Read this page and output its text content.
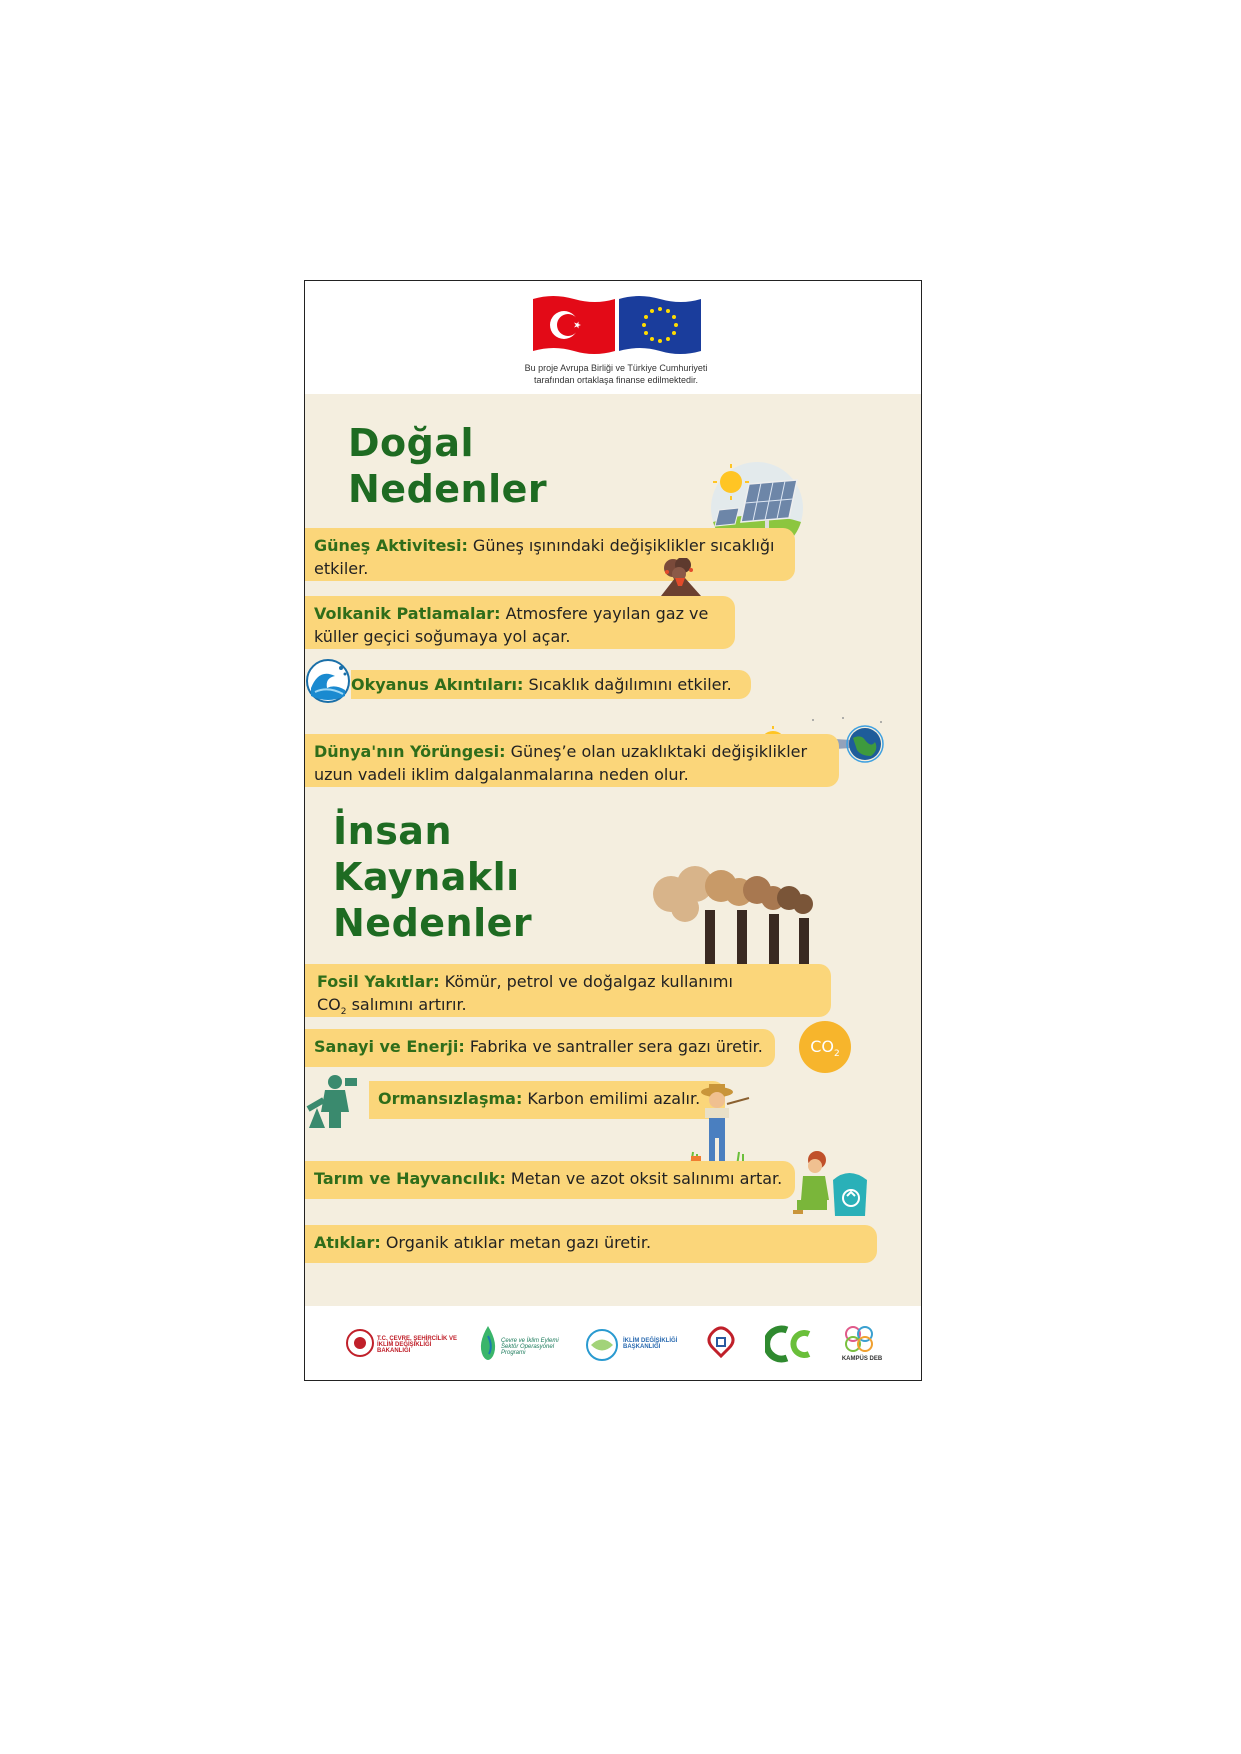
Bu proje Avrupa Birliği ve Türkiye Cumhuriyeti
tarafından ortaklaşa finanse edilmektedir.
Doğal
Nedenler
Güneş Aktivitesi: Güneş ışınındaki değişiklikler sıcaklığı etkiler.
Volkanik Patlamalar: Atmosfere yayılan gaz ve küller geçici soğumaya yol açar.
Okyanus Akıntıları: Sıcaklık dağılımını etkiler.
Dünya'nın Yörüngesi: Güneş’e olan uzaklıktaki değişiklikler uzun vadeli iklim dalgalanmalarına neden olur.
İnsan
Kaynaklı
Nedenler
Fosil Yakıtlar: Kömür, petrol ve doğalgaz kullanımı
$CO_2$ salımını artırır.
Sanayi ve Enerji: Fabrika ve santraller sera gazı üretir.	$CO_2$
Ormansızlaşma: Karbon emilimi azalır.
Tarım ve Hayvancılık: Metan ve azot oksit salınımı artar.
Atıklar: Organik atıklar metan gazı üretir.
T.C. ÇEVRE, ŞEHİRCİLİK VE İKLİM DEĞİŞİKLİĞİ BAKANLIĞI
Çevre ve İklim Eylemi Sektör Operasyonel Programı
İKLİM DEĞİŞİKLİĞİ BAŞKANLIĞI
KAMPÜS DEB
